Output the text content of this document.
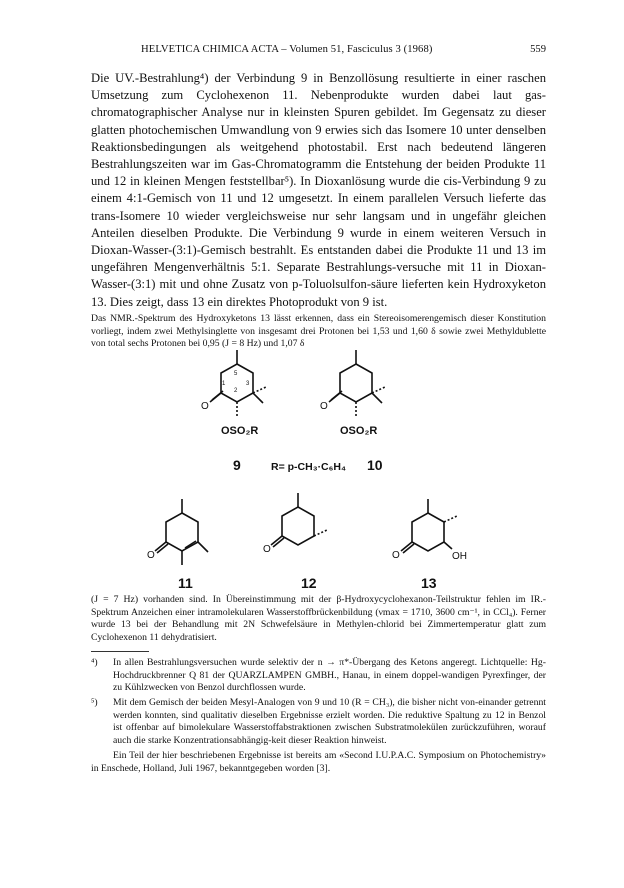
HELVETICA CHIMICA ACTA – Volumen 51, Fasciculus 3 (1968)	559
Die UV.-Bestrahlung⁴) der Verbindung 9 in Benzollösung resultierte in einer raschen Umsetzung zum Cyclohexenon 11. Nebenprodukte wurden dabei laut gas-chromatographischer Analyse nur in kleinsten Spuren gebildet. Im Gegensatz zu dieser glatten photochemischen Umwandlung von 9 erwies sich das Isomere 10 unter denselben Reaktionsbedingungen als weitgehend photostabil. Erst nach bedeutend längeren Bestrahlungszeiten war im Gas-Chromatogramm die Entstehung der beiden Produkte 11 und 12 in kleinen Mengen feststellbar⁵). In Dioxanlösung wurde die cis-Verbindung 9 zu einem 4:1-Gemisch von 11 und 12 umgesetzt. In einem parallelen Versuch lieferte das trans-Isomere 10 wieder vergleichsweise nur sehr langsam und in ungefähr gleichen Anteilen dieselben Produkte. Die Verbindung 9 wurde in einem weiteren Versuch in Dioxan-Wasser-(3:1)-Gemisch bestrahlt. Es entstanden dabei die Produkte 11 und 13 im ungefähren Mengenverhältnis 5:1. Separate Bestrahlungs-versuche mit 11 in Dioxan-Wasser-(3:1) mit und ohne Zusatz von p-Toluolsulfon-säure lieferten kein Hydroxyketon 13. Dies zeigt, dass 13 ein direktes Photoprodukt von 9 ist.
Das NMR.-Spektrum des Hydroxyketons 13 lässt erkennen, dass ein Stereoisomerengemisch dieser Konstitution vorliegt, indem zwei Methylsinglette von insgesamt drei Protonen bei 1,53 und 1,60 δ sowie zwei Methyldublette von total sechs Protonen bei 0,95 (J = 8 Hz) und 1,07 δ
O
1
2
3
5
OSO₂R
O
OSO₂R
9	R= p-CH₃·C₆H₄ 10
O
O
O	OH
11	12	13
(J = 7 Hz) vorhanden sind. In Übereinstimmung mit der β-Hydroxycyclohexanon-Teilstruktur fehlen im IR.-Spektrum Anzeichen einer intramolekularen Wasserstoffbrückenbildung (νmax = 1710, 3600 cm⁻¹, in CCl₄). Ferner wurde 13 bei der Behandlung mit 2N Schwefelsäure in Methylen-chlorid bei Zimmertemperatur glatt zum Cyclohexenon 11 dehydratisiert.
⁴)	In allen Bestrahlungsversuchen wurde selektiv der n → π*-Übergang des Ketons angeregt. Lichtquelle: Hg-Hochdruckbrenner Q 81 der QUARZLAMPEN GMBH., Hanau, in einem doppel-wandigen Pyrexfinger, der zu Kühlzwecken von Benzol durchflossen wurde.
⁵)	Mit dem Gemisch der beiden Mesyl-Analogen von 9 und 10 (R = CH₃), die bisher nicht von-einander getrennt werden konnten, sind qualitativ dieselben Ergebnisse erzielt worden. Die reduktive Spaltung zu 12 in Benzol ist offenbar auf bimolekulare Wasserstoffabstraktionen zwischen Substratmolekülen zurückzuführen, worauf auch die starke Konzentrationsabhängig-keit dieser Reaktion hinweist.
Ein Teil der hier beschriebenen Ergebnisse ist bereits am «Second I.U.P.A.C. Symposium on Photochemistry» in Enschede, Holland, Juli 1967, bekanntgegeben worden [3].
